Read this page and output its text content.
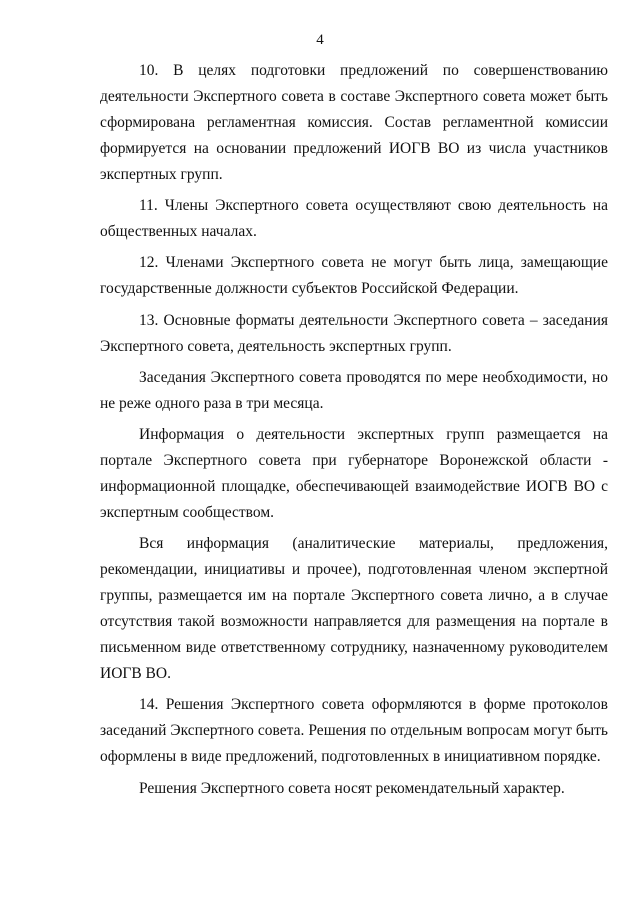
4

10. В целях подготовки предложений по совершенствованию деятельности Экспертного совета в составе Экспертного совета может быть сформирована регламентная комиссия. Состав регламентной комиссии формируется на основании предложений ИОГВ ВО из числа участников экспертных групп.

11. Члены Экспертного совета осуществляют свою деятельность на общественных началах.

12. Членами Экспертного совета не могут быть лица, замещающие государственные должности субъектов Российской Федерации.

13. Основные форматы деятельности Экспертного совета – заседания Экспертного совета, деятельность экспертных групп.

Заседания Экспертного совета проводятся по мере необходимости, но не реже одного раза в три месяца.

Информация о деятельности экспертных групп размещается на портале Экспертного совета при губернаторе Воронежской области - информационной площадке, обеспечивающей взаимодействие ИОГВ ВО с экспертным сообществом.

Вся информация (аналитические материалы, предложения, рекомендации, инициативы и прочее), подготовленная членом экспертной группы, размещается им на портале Экспертного совета лично, а в случае отсутствия такой возможности направляется для размещения на портале в письменном виде ответственному сотруднику, назначенному руководителем ИОГВ ВО.

14. Решения Экспертного совета оформляются в форме протоколов заседаний Экспертного совета. Решения по отдельным вопросам могут быть оформлены в виде предложений, подготовленных в инициативном порядке.

Решения Экспертного совета носят рекомендательный характер.
